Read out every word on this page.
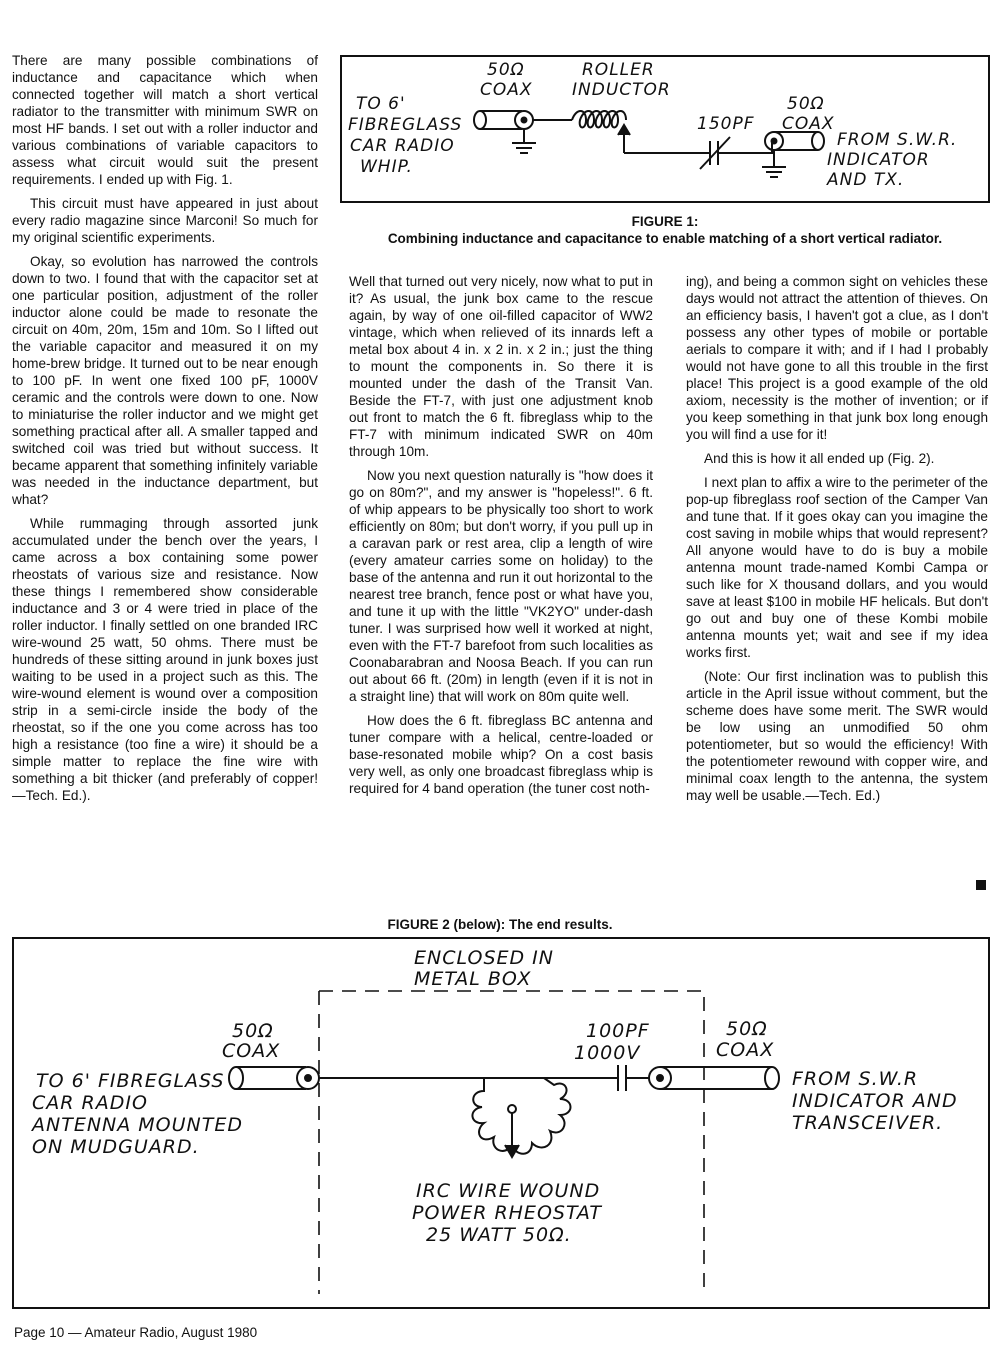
There are many possible combinations of inductance and capacitance which when connected together will match a short vertical radiator to the transmitter with minimum SWR on most HF bands. I set out with a roller inductor and various combinations of variable capacitors to assess what circuit would suit the present requirements. I ended up with Fig. 1.

This circuit must have appeared in just about every radio magazine since Marconi! So much for my original scientific experiments.

Okay, so evolution has narrowed the controls down to two. I found that with the capacitor set at one particular position, adjustment of the roller inductor alone could be made to resonate the circuit on 40m, 20m, 15m and 10m. So I lifted out the variable capacitor and measured it on my home-brew bridge. It turned out to be near enough to 100 pF. In went one fixed 100 pF, 1000V ceramic and the controls were down to one. Now to miniaturise the roller inductor and we might get something practical after all. A smaller tapped and switched coil was tried but without success. It became apparent that something infinitely variable was needed in the inductance department, but what?

While rummaging through assorted junk accumulated under the bench over the years, I came across a box containing some power rheostats of various size and resistance. Now these things I remembered show considerable inductance and 3 or 4 were tried in place of the roller inductor. I finally settled on one branded IRC wire-wound 25 watt, 50 ohms. There must be hundreds of these sitting around in junk boxes just waiting to be used in a project such as this. The wire-wound element is wound over a composition strip in a semi-circle inside the body of the rheostat, so if the one you come across has too high a resistance (too fine a wire) it should be a simple matter to replace the fine wire with something a bit thicker (and preferably of copper!—Tech. Ed.).

TO 6'
FIBREGLASS
CAR RADIO
WHIP.
50Ω
COAX
ROLLER
INDUCTOR
150PF
50Ω
COAX
FROM S.W.R.
INDICATOR
AND TX.
FIGURE 1:
Combining inductance and capacitance to enable matching of a short vertical radiator.

Well that turned out very nicely, now what to put in it? As usual, the junk box came to the rescue again, by way of one oil-filled capacitor of WW2 vintage, which when relieved of its innards left a metal box about 4 in. x 2 in. x 2 in.; just the thing to mount the components in. So there it is mounted under the dash of the Transit Van. Beside the FT-7, with just one adjustment knob out front to match the 6 ft. fibreglass whip to the FT-7 with minimum indicated SWR on 40m through 10m.

Now you next question naturally is "how does it go on 80m?", and my answer is "hopeless!". 6 ft. of whip appears to be physically too short to work efficiently on 80m; but don't worry, if you pull up in a caravan park or rest area, clip a length of wire (every amateur carries some on holiday) to the base of the antenna and run it out horizontal to the nearest tree branch, fence post or what have you, and tune it up with the little "VK2YO" under-dash tuner. I was surprised how well it worked at night, even with the FT-7 barefoot from such localities as Coonabarabran and Noosa Beach. If you can run out about 66 ft. (20m) in length (even if it is not in a straight line) that will work on 80m quite well.

How does the 6 ft. fibreglass BC antenna and tuner compare with a helical, centre-loaded or base-resonated mobile whip? On a cost basis very well, as only one broadcast fibreglass whip is required for 4 band operation (the tuner cost noth-

ing), and being a common sight on vehicles these days would not attract the attention of thieves. On an efficiency basis, I haven't got a clue, as I don't possess any other types of mobile or portable aerials to compare it with; and if I had I probably would not have gone to all this trouble in the first place! This project is a good example of the old axiom, necessity is the mother of invention; or if you keep something in that junk box long enough you will find a use for it!

And this is how it all ended up (Fig. 2).

I next plan to affix a wire to the perimeter of the pop-up fibreglass roof section of the Camper Van and tune that. If it goes okay can you imagine the cost saving in mobile whips that would represent? All anyone would have to do is buy a mobile antenna mount trade-named Kombi Campa or such like for X thousand dollars, and you would save at least $100 in mobile HF helicals. But don't go out and buy one of these Kombi mobile antenna mounts yet; wait and see if my idea works first.

(Note: Our first inclination was to publish this article in the April issue without comment, but the scheme does have some merit. The SWR would be low using an unmodified 50 ohm potentiometer, but so would the efficiency! With the potentiometer rewound with copper wire, and minimal coax length to the antenna, the system may well be usable.—Tech. Ed.)

FIGURE 2 (below): The end results.
ENCLOSED IN
METAL BOX
50Ω
COAX
100PF
1000V
50Ω
COAX
TO 6' FIBREGLASS
CAR RADIO
ANTENNA MOUNTED
ON MUDGUARD.
FROM S.W.R
INDICATOR AND
TRANSCEIVER.
IRC WIRE WOUND
POWER RHEOSTAT
25 WATT 50Ω.
Page 10 — Amateur Radio, August 1980
